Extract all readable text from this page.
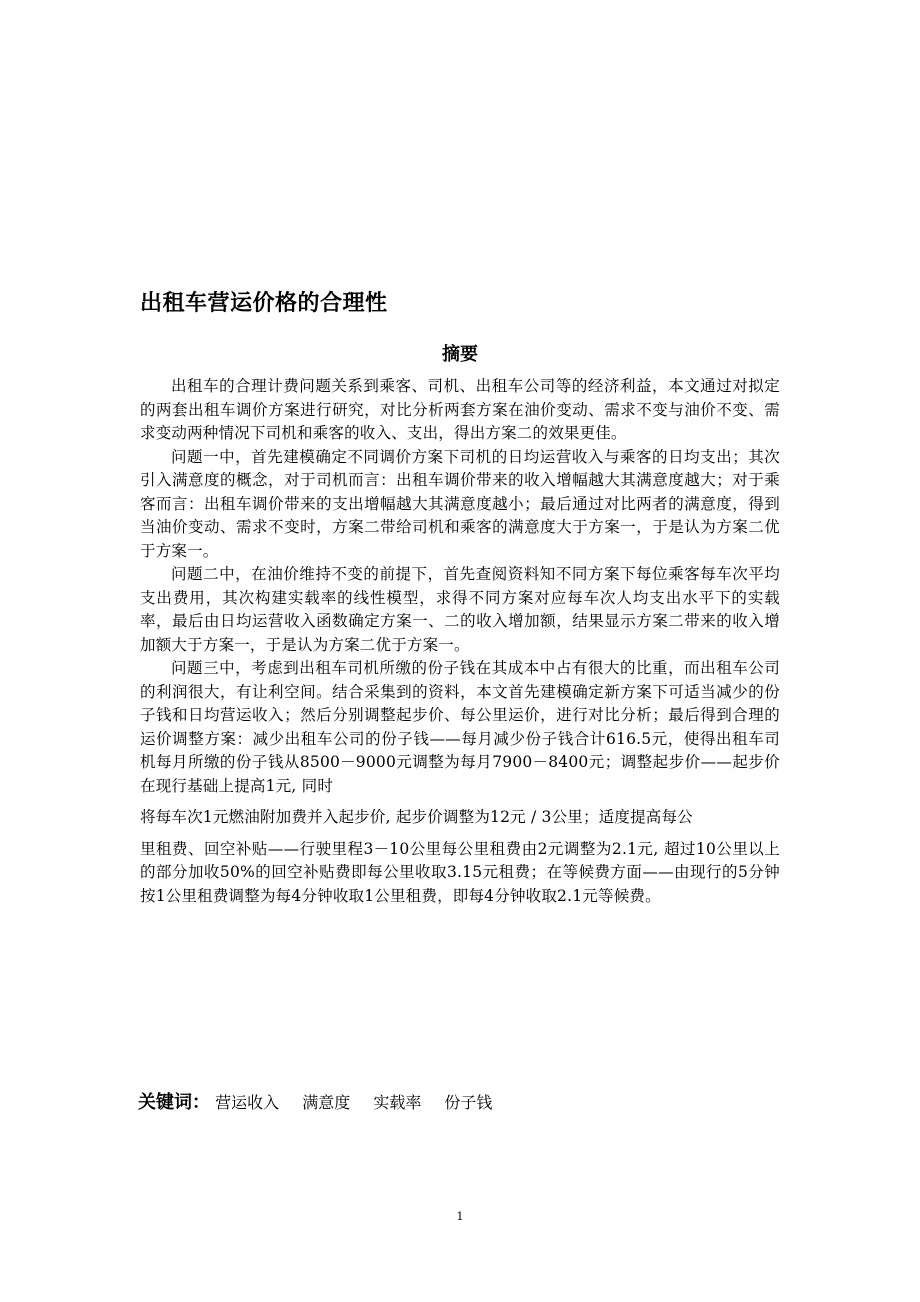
出租车营运价格的合理性
摘要

出租车的合理计费问题关系到乘客、司机、出租车公司等的经济利益，本文通过对拟定的两套出租车调价方案进行研究，对比分析两套方案在油价变动、需求不变与油价不变、需求变动两种情况下司机和乘客的收入、支出，得出方案二的效果更佳。

问题一中，首先建模确定不同调价方案下司机的日均运营收入与乘客的日均支出；其次引入满意度的概念，对于司机而言：出租车调价带来的收入增幅越大其满意度越大；对于乘客而言：出租车调价带来的支出增幅越大其满意度越小；最后通过对比两者的满意度，得到当油价变动、需求不变时，方案二带给司机和乘客的满意度大于方案一，于是认为方案二优于方案一。

问题二中，在油价维持不变的前提下，首先查阅资料知不同方案下每位乘客每车次平均支出费用，其次构建实载率的线性模型，求得不同方案对应每车次人均支出水平下的实载率，最后由日均运营收入函数确定方案一、二的收入增加额，结果显示方案二带来的收入增加额大于方案一，于是认为方案二优于方案一。

问题三中，考虑到出租车司机所缴的份子钱在其成本中占有很大的比重，而出租车公司的利润很大，有让利空间。结合采集到的资料，本文首先建模确定新方案下可适当减少的份子钱和日均营运收入；然后分别调整起步价、每公里运价，进行对比分析；最后得到合理的运价调整方案：减少出租车公司的份子钱——每月减少份子钱合计616.5元，使得出租车司机每月所缴的份子钱从8500－9000元调整为每月7900－8400元；调整起步价——起步价在现行基础上提高1元, 同时

将每车次1元燃油附加费并入起步价, 起步价调整为12元 / 3公里；适度提高每公

里租费、回空补贴——行驶里程3－10公里每公里租费由2元调整为2.1元, 超过10公里以上的部分加收50%的回空补贴费即每公里收取3.15元租费；在等候费方面——由现行的5分钟按1公里租费调整为每4分钟收取1公里租费，即每4分钟收取2.1元等候费。

关键词： 营运收入 满意度 实载率 份子钱
1
